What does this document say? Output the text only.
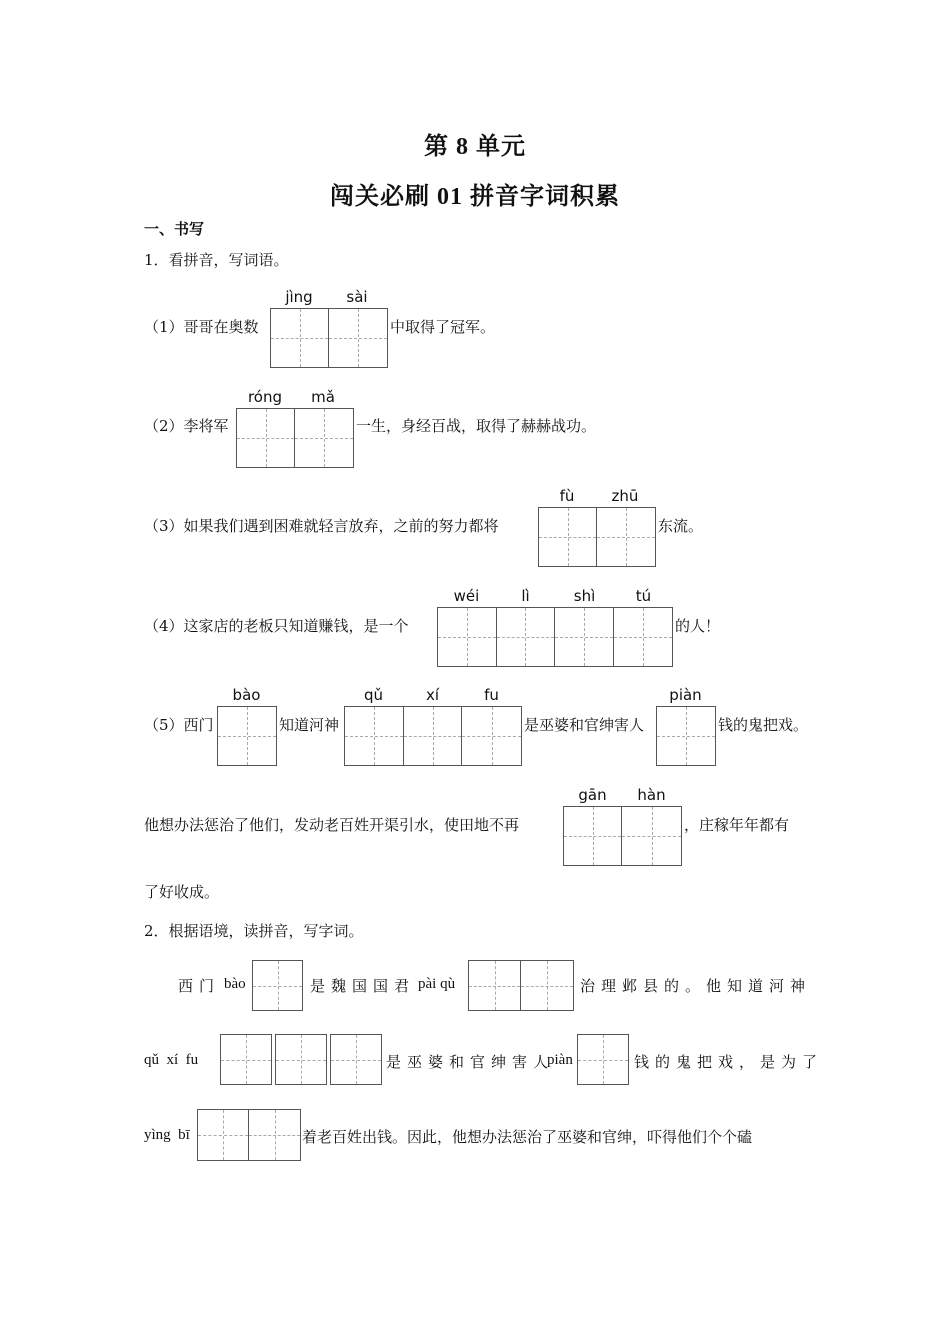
第 8 单元
闯关必刷 01 拼音字词积累
一、书写
1．看拼音，写词语。
jìng	sài
（1）哥哥在奥数	中取得了冠军。
róng	mǎ
（2）李将军	一生，身经百战，取得了赫赫战功。
fù	zhū
（3）如果我们遇到困难就轻言放弃，之前的努力都将	东流。
wéi	lì	shì	tú
（4）这家店的老板只知道赚钱，是一个	的人！
bào	qǔ	xí	fu	piàn
（5）西门	知道河神	是巫婆和官绅害人	钱的鬼把戏。
gān	hàn
他想办法惩治了他们，发动老百姓开渠引水，使田地不再	，庄稼年年都有
了好收成。
2．根据语境，读拼音，写字词。
西门 bào	是魏国国君 pài qù	治理邺县的。他知道河神
qǔ  xí  fu	是巫婆和官绅害人
piàn	钱的鬼把戏，是为了
yìng  bī	着老百姓出钱。因此，他想办法惩治了巫婆和官绅，吓得他们个个磕
